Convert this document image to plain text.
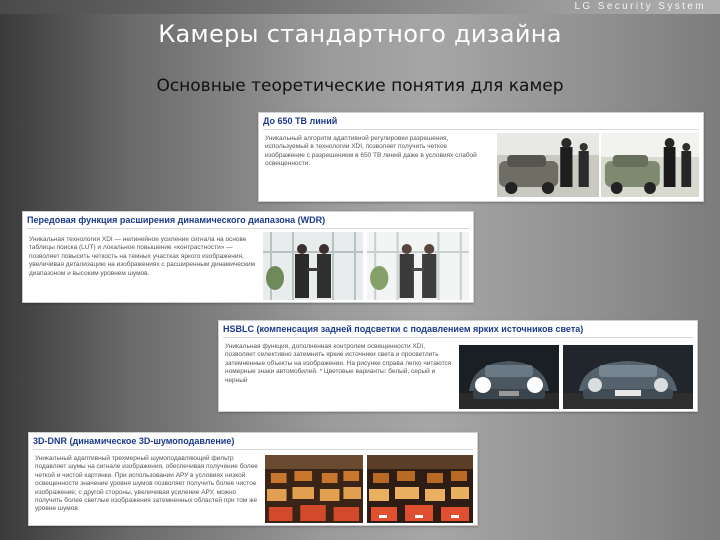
LG Security System
Камеры стандартного дизайна
Основные теоретические понятия для камер
До 650 ТВ линий
Уникальный алгоритм адаптивной регулировки разрешения, используемый в технологии XDI, позволяет получить четкое изображение с разрешением в 650 ТВ линий даже в условиях слабой освещенности.
Передовая функция расширения динамического диапазона (WDR)
Уникальная технология XDI — нелинейное усиление сигнала на основе таблицы поиска (LUT) и локальное повышение «контрастности» — позволяет повысить четкость на темных участках яркого изображения, увеличивая детализацию на изображениях с расширенным динамическим диапазоном и высоким уровнем шумов.
HSBLC (компенсация задней подсветки с подавлением ярких источников света)
Уникальная функция, дополненная контролем освещенности XDI, позволяет селективно затемнить яркие источники света и просветлить затемненные объекты на изображении. На рисунке справа легко читаются номерные знаки автомобилей. * Цветовые варианты: белый, серый и черный
3D-DNR (динамическое 3D-шумоподавление)
Уникальный адаптивный трехмерный шумоподавляющий фильтр подавляет шумы на сигнале изображения, обеспечивая получение более четкой и чистой картинки. При использовании АРУ в условиях низкой освещенности значение уровня шумов позволяет получить более чистое изображение; с другой стороны, увеличивая усиление АРУ, можно получить более светлые изображения затемненных областей при том же уровне шумов.
